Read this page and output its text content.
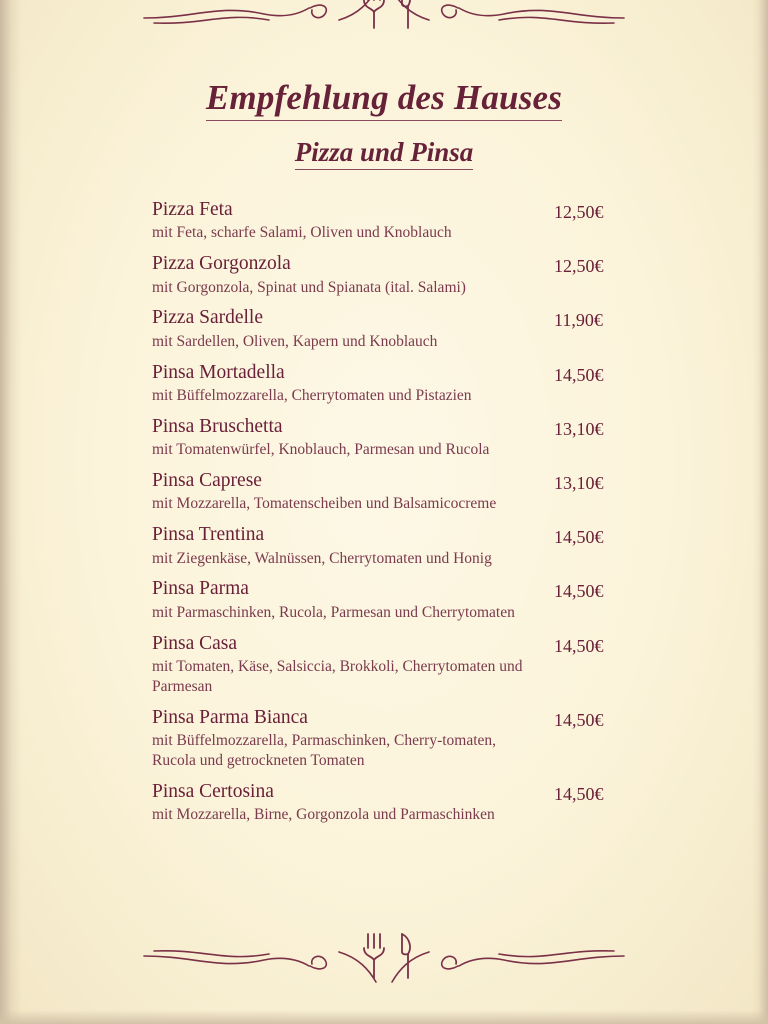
Empfehlung des Hauses
Pizza und Pinsa
Pizza Feta	12,50€
mit Feta, scharfe Salami, Oliven und Knoblauch
Pizza Gorgonzola	12,50€
mit Gorgonzola, Spinat und Spianata (ital. Salami)
Pizza Sardelle	11,90€
mit Sardellen, Oliven, Kapern und Knoblauch
Pinsa Mortadella	14,50€
mit Büffelmozzarella, Cherrytomaten und Pistazien
Pinsa Bruschetta	13,10€
mit Tomatenwürfel, Knoblauch, Parmesan und Rucola
Pinsa Caprese	13,10€
mit Mozzarella, Tomatenscheiben und Balsamicocreme
Pinsa Trentina	14,50€
mit Ziegenkäse, Walnüssen, Cherrytomaten und Honig
Pinsa Parma	14,50€
mit Parmaschinken, Rucola, Parmesan und Cherrytomaten
Pinsa Casa	14,50€
mit Tomaten, Käse, Salsiccia, Brokkoli, Cherrytomaten und Parmesan
Pinsa Parma Bianca	14,50€
mit Büffelmozzarella, Parmaschinken, Cherry-tomaten, Rucola und getrockneten Tomaten
Pinsa Certosina	14,50€
mit Mozzarella, Birne, Gorgonzola und Parmaschinken
